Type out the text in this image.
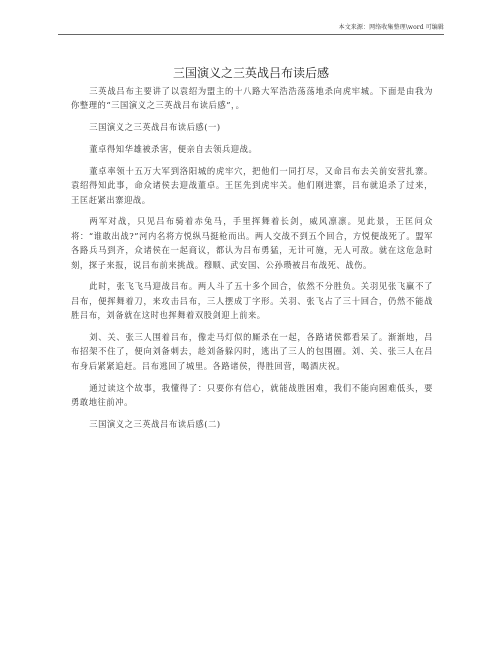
本文来源：网络收集整理\word 可编辑
三国演义之三英战吕布读后感

三英战吕布主要讲了以袁绍为盟主的十八路大军浩浩荡荡地杀向虎牢城。下面是由我为你整理的“三国演义之三英战吕布读后感”，。

三国演义之三英战吕布读后感(一)

董卓得知华雄被杀害，便亲自去领兵迎战。

董卓率领十五万大军到洛阳城的虎牢穴，把他们一同打尽，又命吕布去关前安营扎寨。袁绍得知此事，命众诸侯去迎战董卓。王匡先到虎牢关。他们刚进寨，吕布就追杀了过来，王匡赶紧出寨迎战。

两军对战，只见吕布骑着赤兔马，手里挥舞着长剑，威风凛凛。见此景，王匡问众将：“谁敢出战?”河内名将方悦纵马挺枪而出。两人交战不到五个回合，方悦便战死了。盟军各路兵马到齐，众诸侯在一起商议，都认为吕布勇猛，无计可施，无人可敌。就在这危急时刻，探子来报，说吕布前来挑战。穆顺、武安国、公孙瓒被吕布战死、战伤。

此时，张飞飞马迎战吕布。两人斗了五十多个回合，依然不分胜负。关羽见张飞赢不了吕布，便挥舞着刀，来攻击吕布，三人摆成丁字形。关羽、张飞占了三十回合，仍然不能战胜吕布，刘备就在这时也挥舞着双股剑迎上前来。

刘、关、张三人围着吕布，像走马灯似的厮杀在一起，各路诸侯都看呆了。渐渐地，吕布招架不住了，便向刘备刺去，趁刘备躲闪时，逃出了三人的包围圈。刘、关、张三人在吕布身后紧紧追赶。吕布逃回了城里。各路诸侯，得胜回营，喝酒庆祝。

通过读这个故事，我懂得了：只要你有信心，就能战胜困难，我们不能向困难低头，要勇敢地往前冲。

三国演义之三英战吕布读后感(二)
